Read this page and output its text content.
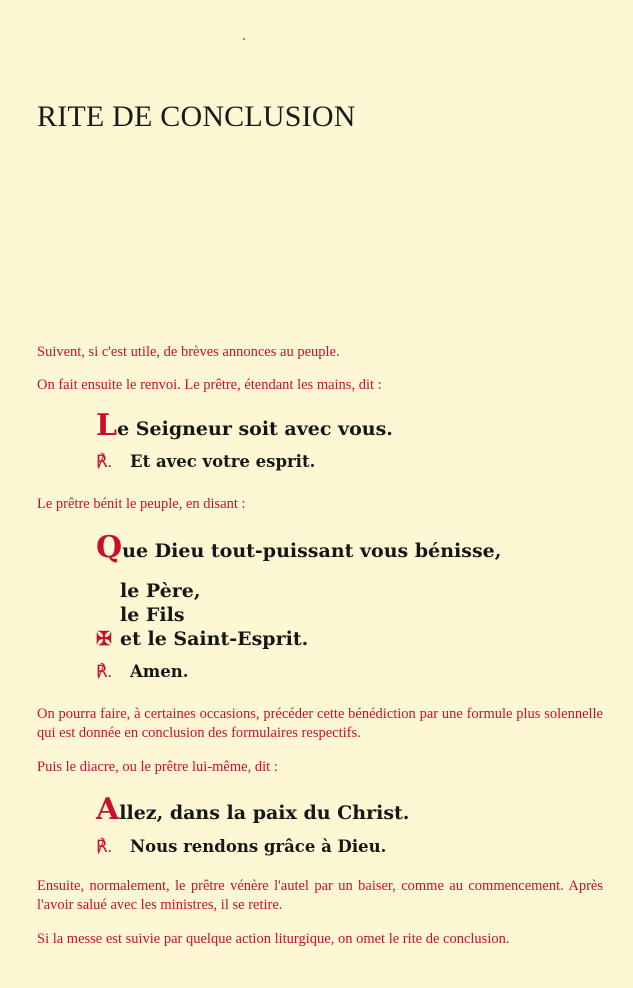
RITE DE CONCLUSION
Suivent, si c'est utile, de brèves annonces au peuple.
On fait ensuite le renvoi. Le prêtre, étendant les mains, dit :
Le Seigneur soit avec vous.
℟. Et avec votre esprit.
Le prêtre bénit le peuple, en disant :
Que Dieu tout-puissant vous bénisse,
le Père,
le Fils
✠ et le Saint-Esprit.
℟. Amen.
On pourra faire, à certaines occasions, précéder cette bénédiction par une formule plus solennelle qui est donnée en conclusion des formulaires respectifs.
Puis le diacre, ou le prêtre lui-même, dit :
Allez, dans la paix du Christ.
℟. Nous rendons grâce à Dieu.
Ensuite, normalement, le prêtre vénère l'autel par un baiser, comme au commencement. Après l'avoir salué avec les ministres, il se retire.
Si la messe est suivie par quelque action liturgique, on omet le rite de conclusion.
